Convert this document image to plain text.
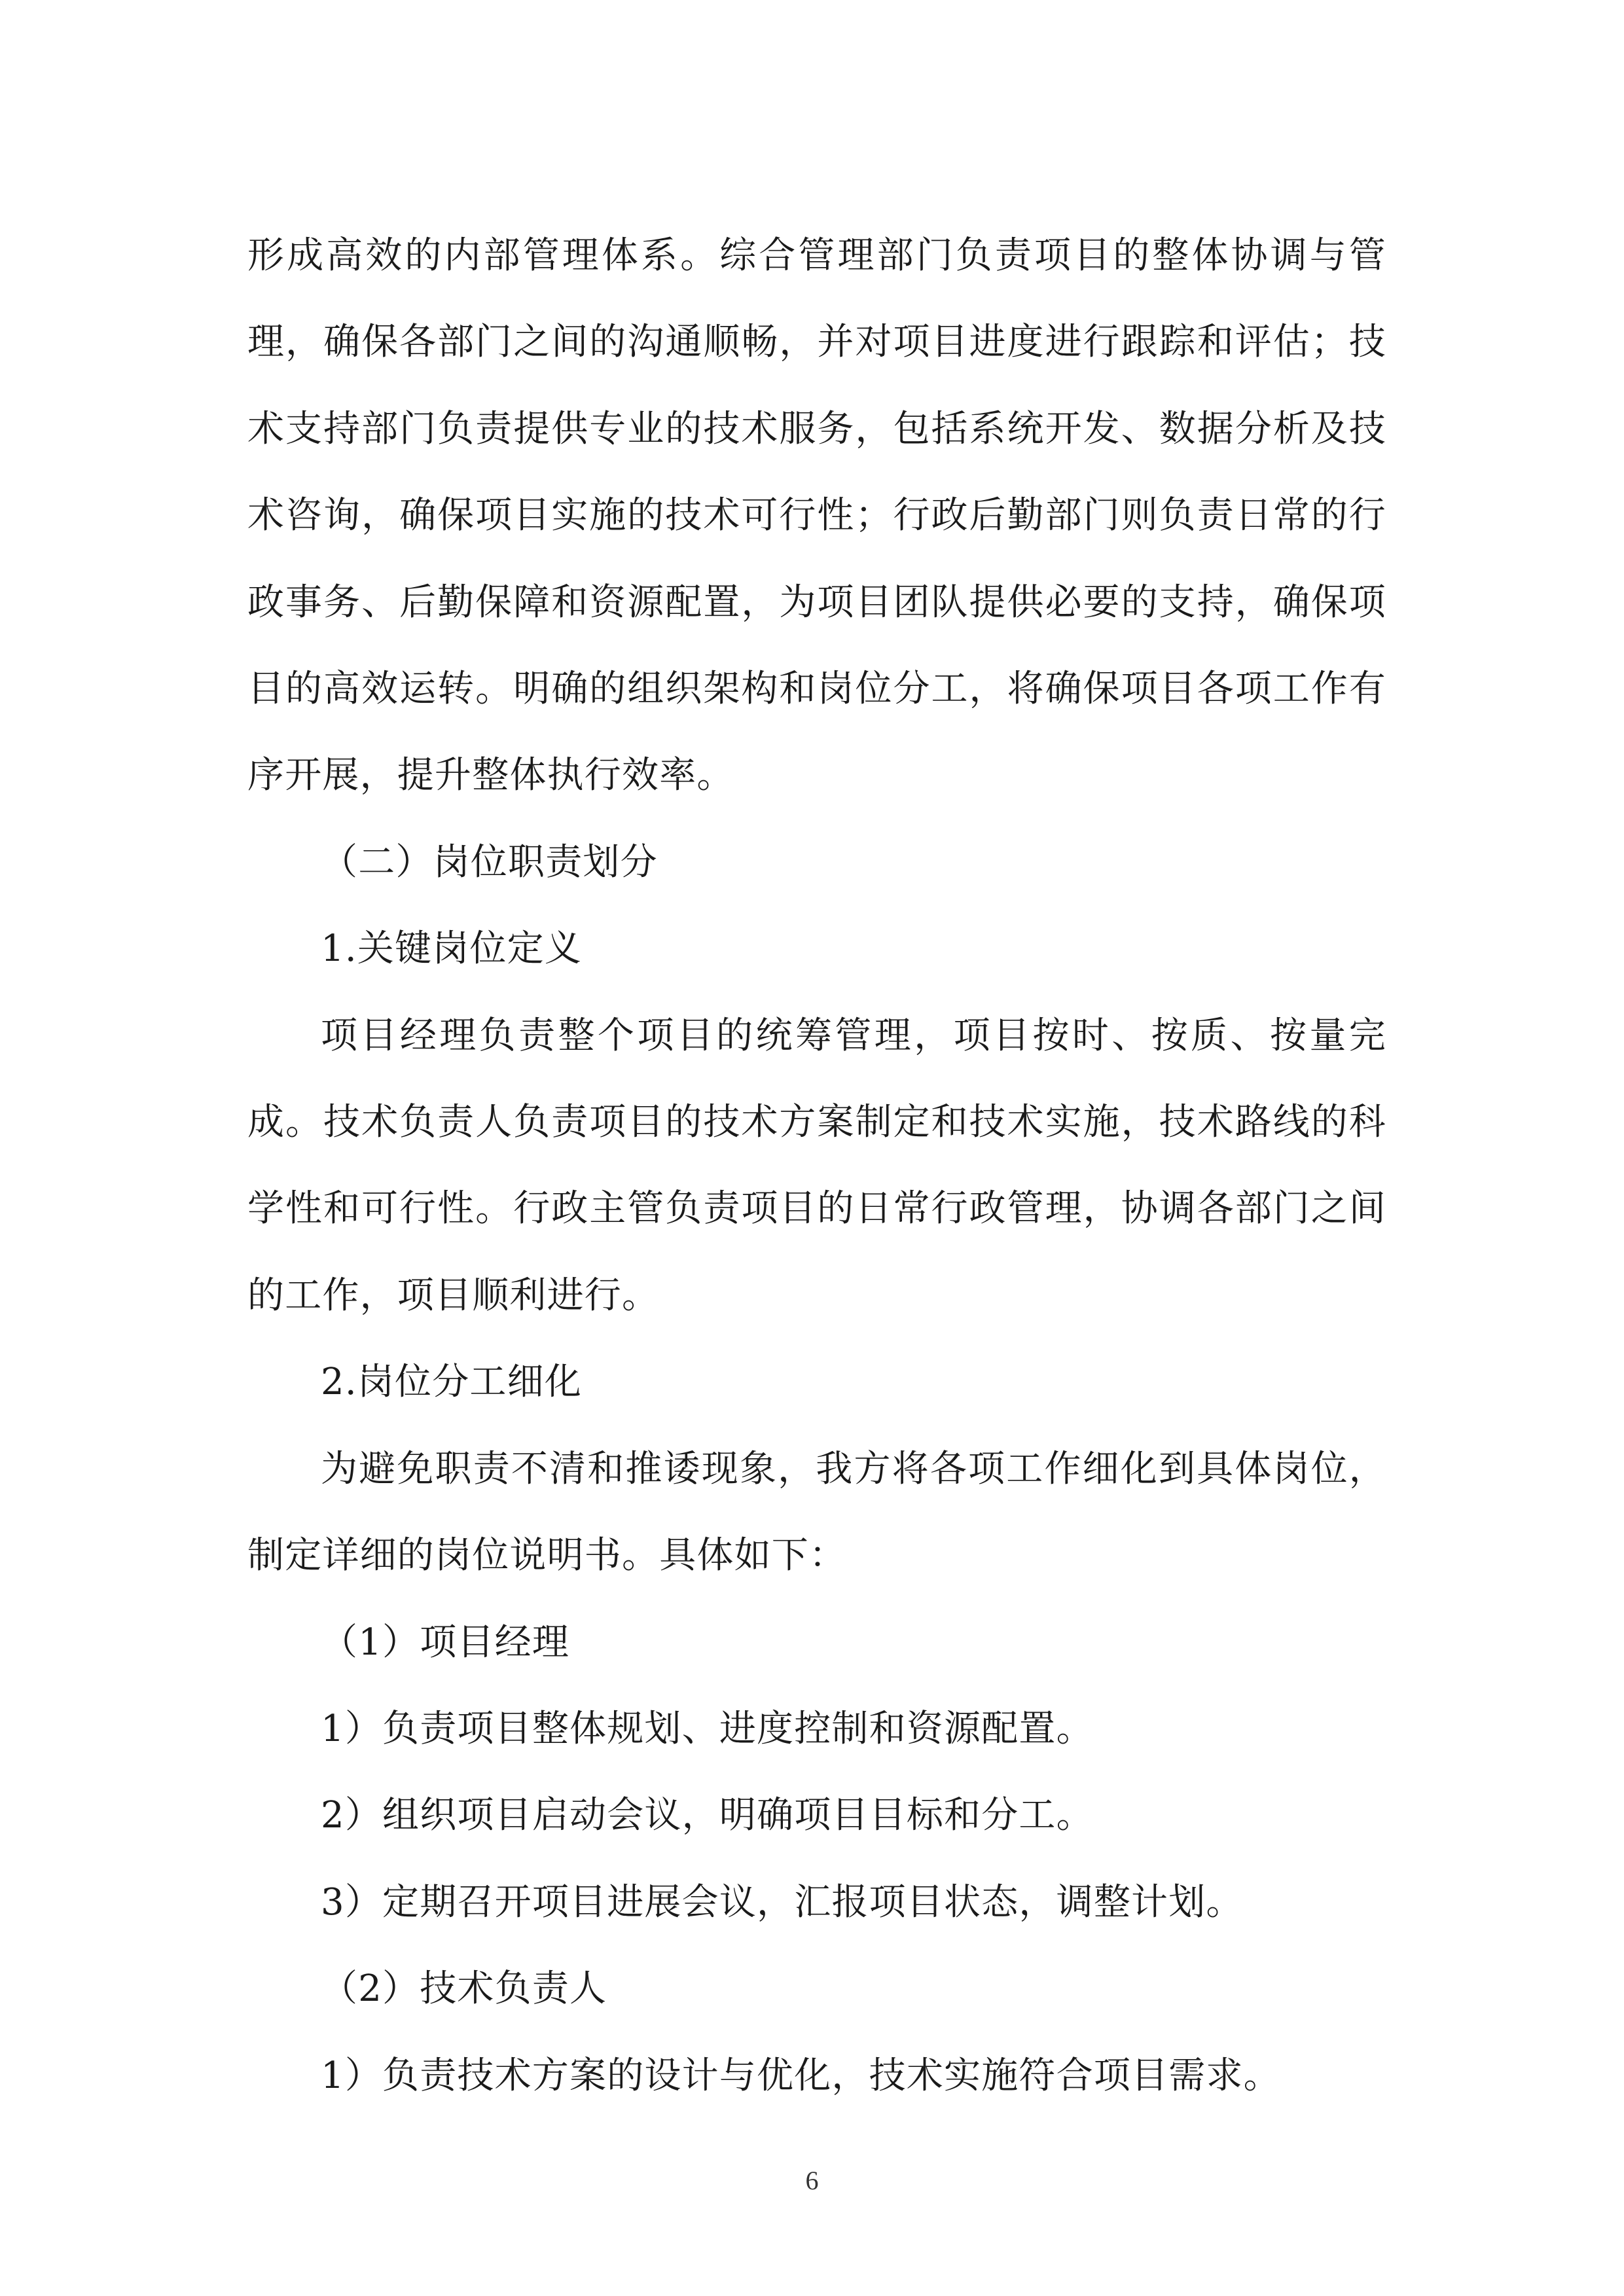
形成高效的内部管理体系。综合管理部门负责项目的整体协调与管理，确保各部门之间的沟通顺畅，并对项目进度进行跟踪和评估；技术支持部门负责提供专业的技术服务，包括系统开发、数据分析及技术咨询，确保项目实施的技术可行性；行政后勤部门则负责日常的行政事务、后勤保障和资源配置，为项目团队提供必要的支持，确保项目的高效运转。明确的组织架构和岗位分工，将确保项目各项工作有序开展，提升整体执行效率。

（二）岗位职责划分

1.关键岗位定义

项目经理负责整个项目的统筹管理，项目按时、按质、按量完成。技术负责人负责项目的技术方案制定和技术实施，技术路线的科学性和可行性。行政主管负责项目的日常行政管理，协调各部门之间的工作，项目顺利进行。

2.岗位分工细化

为避免职责不清和推诿现象，我方将各项工作细化到具体岗位，制定详细的岗位说明书。具体如下：

（1）项目经理

1）负责项目整体规划、进度控制和资源配置。

2）组织项目启动会议，明确项目目标和分工。

3）定期召开项目进展会议，汇报项目状态，调整计划。

（2）技术负责人

1）负责技术方案的设计与优化，技术实施符合项目需求。

6
